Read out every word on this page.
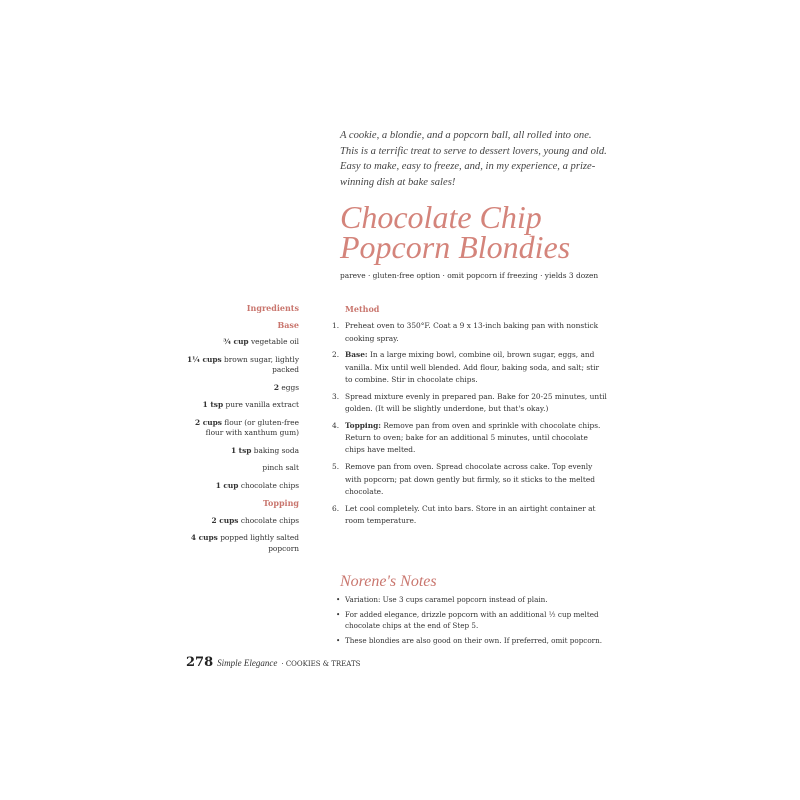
A cookie, a blondie, and a popcorn ball, all rolled into one. This is a terrific treat to serve to dessert lovers, young and old. Easy to make, easy to freeze, and, in my experience, a prize-winning dish at bake sales!
Chocolate Chip
Popcorn Blondies
pareve · gluten-free option · omit popcorn if freezing · yields 3 dozen
Ingredients
Base
¾ cup vegetable oil
1¼ cups brown sugar, lightly packed
2 eggs
1 tsp pure vanilla extract
2 cups flour (or gluten-free flour with xanthum gum)
1 tsp baking soda
pinch salt
1 cup chocolate chips
Topping
2 cups chocolate chips
4 cups popped lightly salted popcorn
Method
1. Preheat oven to 350°F. Coat a 9 x 13-inch baking pan with nonstick cooking spray.
2. Base: In a large mixing bowl, combine oil, brown sugar, eggs, and vanilla. Mix until well blended. Add flour, baking soda, and salt; stir to combine. Stir in chocolate chips.
3. Spread mixture evenly in prepared pan. Bake for 20-25 minutes, until golden. (It will be slightly underdone, but that's okay.)
4. Topping: Remove pan from oven and sprinkle with chocolate chips. Return to oven; bake for an additional 5 minutes, until chocolate chips have melted.
5. Remove pan from oven. Spread chocolate across cake. Top evenly with popcorn; pat down gently but firmly, so it sticks to the melted chocolate.
6. Let cool completely. Cut into bars. Store in an airtight container at room temperature.
Norene's Notes
• Variation: Use 3 cups caramel popcorn instead of plain.
• For added elegance, drizzle popcorn with an additional ½ cup melted chocolate chips at the end of Step 5.
• These blondies are also good on their own. If preferred, omit popcorn.
278 Simple Elegance · COOKIES & TREATS
